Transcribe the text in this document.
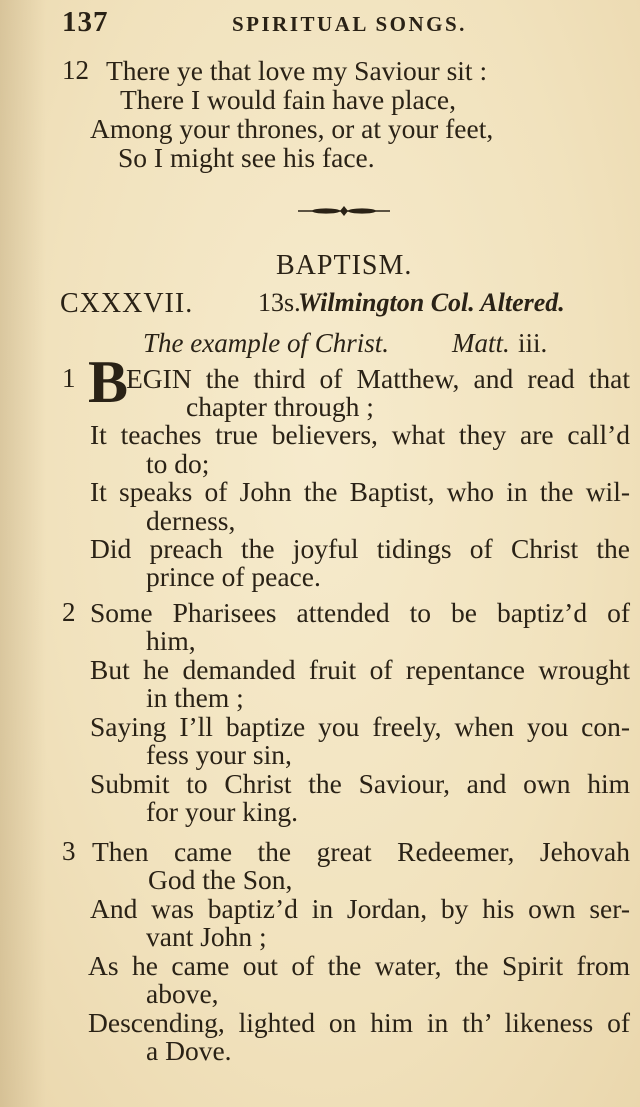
137	SPIRITUAL SONGS.
12 There ye that love my Saviour sit :
There I would fain have place,
Among your thrones, or at your feet,
So I might see his face.
BAPTISM.
CXXXVII. 13s.
Wilmington Col. Altered.
The example of Christ. Matt. iii.
1 B
EGIN the third of Matthew, and read that
chapter through ;
It teaches true believers, what they are call’d
to do;
It speaks of John the Baptist, who in the wil-
derness,
Did preach the joyful tidings of Christ the
prince of peace.
2 Some Pharisees attended to be baptiz’d of
him,
But he demanded fruit of repentance wrought
in them ;
Saying I’ll baptize you freely, when you con-
fess your sin,
Submit to Christ the Saviour, and own him
for your king.
3 Then came the great Redeemer, Jehovah
God the Son,
And was baptiz’d in Jordan, by his own ser-
vant John ;
As he came out of the water, the Spirit from
above,
Descending, lighted on him in th’ likeness of
a Dove.
